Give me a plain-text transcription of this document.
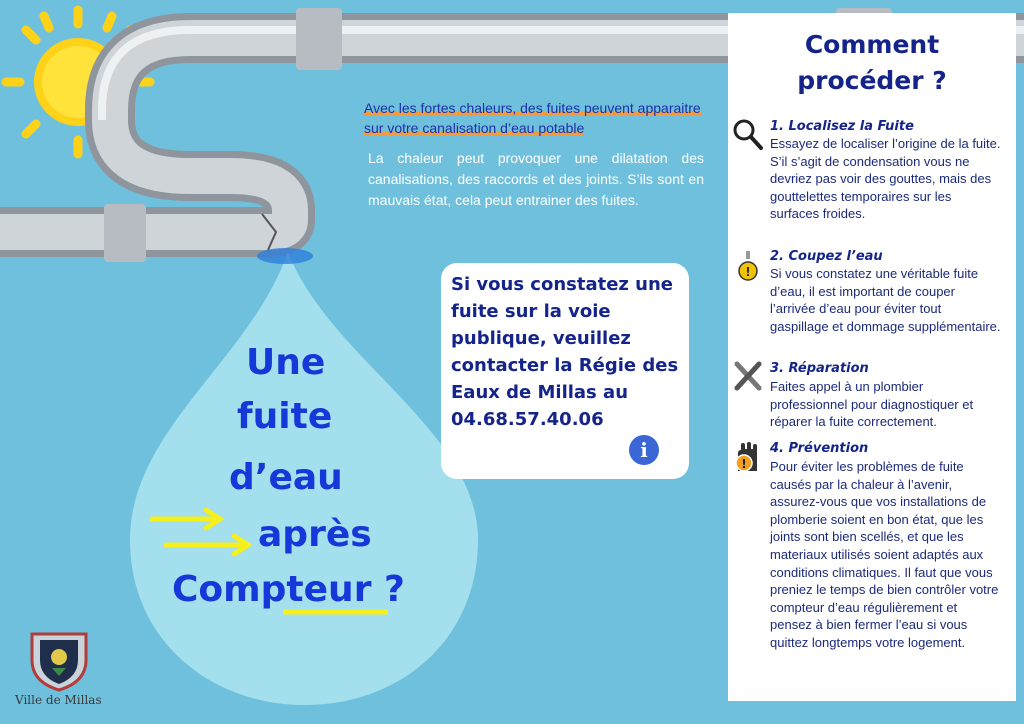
Avec les fortes chaleurs, des fuites peuvent apparaitre sur votre canalisation d’eau potable
La chaleur peut provoquer une dilatation des canalisations, des raccords et des joints. S’ils sont en mauvais état, cela peut entrainer des fuites.
Une
fuite
d’eau
après
Compteur ?
Si vous constatez une fuite sur la voie publique, veuillez contacter la Régie des Eaux de Millas au 04.68.57.40.06
i
Comment procéder ?
1. Localisez la Fuite
Essayez de localiser l’origine de la fuite. S’il s’agit de condensation vous ne devriez pas voir des gouttes, mais des gouttelettes temporaires sur les surfaces froides.
!
2. Coupez l’eau
Si vous constatez une véritable fuite d’eau, il est important de couper l’arrivée d’eau pour éviter tout gaspillage et dommage supplémentaire.
3. Réparation
Faites appel à un plombier professionnel pour diagnostiquer et réparer la fuite correctement.
!
4. Prévention
Pour éviter les problèmes de fuite causés par la chaleur à l’avenir, assurez-vous que vos installations de plomberie soient en bon état, que les joints sont bien scellés, et que les materiaux utilisés soient adaptés aux conditions climatiques. Il faut que vous preniez le temps de bien contrôler votre compteur d’eau régulièrement et pensez à bien fermer l’eau si vous quittez longtemps votre logement.
Ville de Millas
